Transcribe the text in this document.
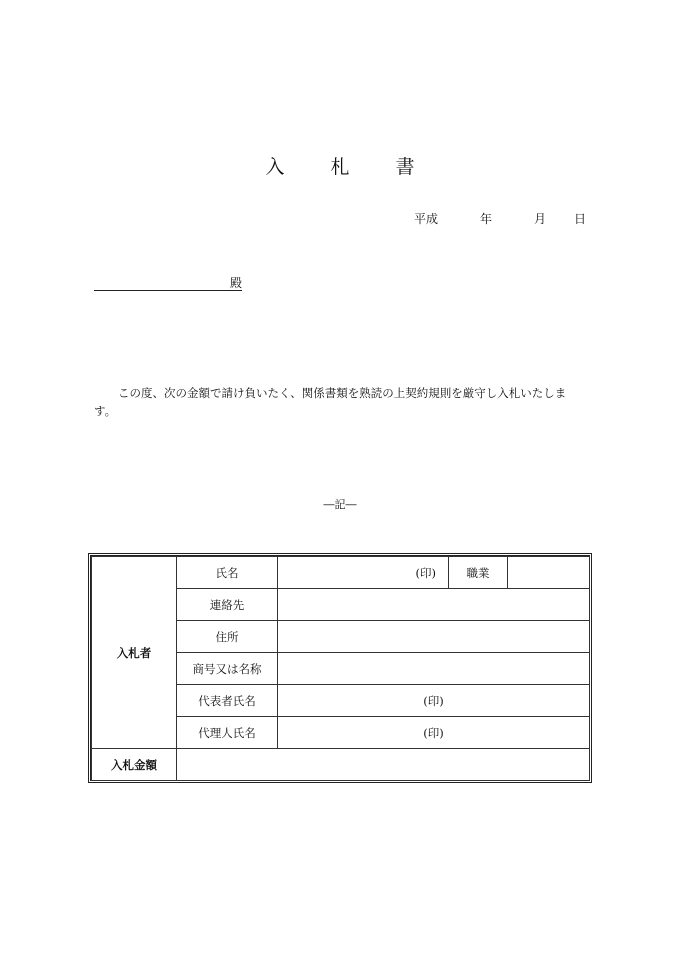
入 札 書
平成	年	月 日
殿
この度、次の金額で請け負いたく、関係書類を熟読の上契約規則を厳守し入札いたします。
―記―
入札者	氏名	(印)	職業	
	連絡先			
	住所			
	商号又は名称			
	代表者氏名	(印)		
	代理人氏名	(印)		
入札金額				
